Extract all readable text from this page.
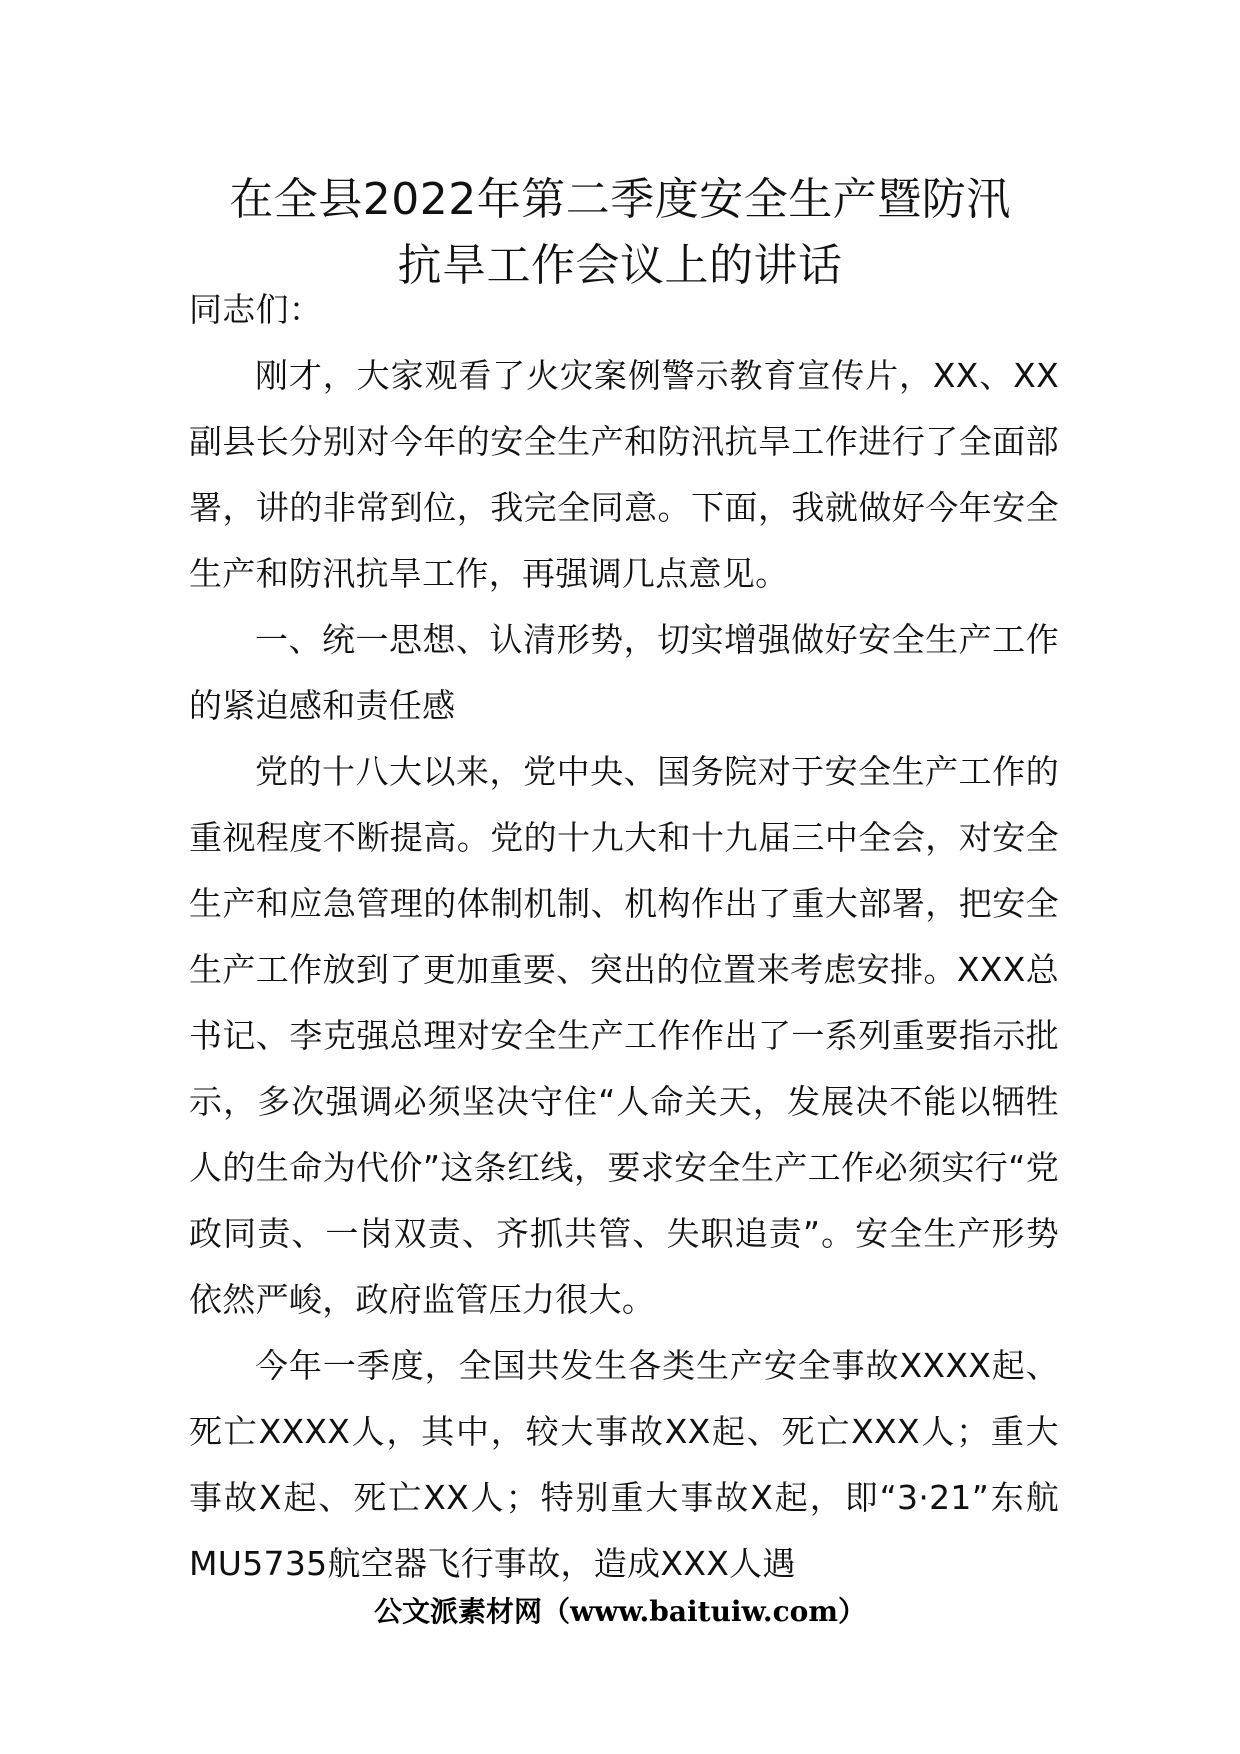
在全县2022年第二季度安全生产暨防汛
抗旱工作会议上的讲话

同志们：

刚才，大家观看了火灾案例警示教育宣传片，XX、XX副县长分别对今年的安全生产和防汛抗旱工作进行了全面部署，讲的非常到位，我完全同意。下面，我就做好今年安全生产和防汛抗旱工作，再强调几点意见。

一、统一思想、认清形势，切实增强做好安全生产工作的紧迫感和责任感

党的十八大以来，党中央、国务院对于安全生产工作的重视程度不断提高。党的十九大和十九届三中全会，对安全生产和应急管理的体制机制、机构作出了重大部署，把安全生产工作放到了更加重要、突出的位置来考虑安排。XXX总书记、李克强总理对安全生产工作作出了一系列重要指示批示，多次强调必须坚决守住“人命关天，发展决不能以牺牲人的生命为代价”这条红线，要求安全生产工作必须实行“党政同责、一岗双责、齐抓共管、失职追责”。安全生产形势依然严峻，政府监管压力很大。

今年一季度，全国共发生各类生产安全事故XXXX起、死亡XXXX人，其中，较大事故XX起、死亡XXX人；重大事故X起、死亡XX人；特别重大事故X起，即“3·21”东航MU5735航空器飞行事故，造成XXX人遇

公文派素材网（www.baituiw.com）
